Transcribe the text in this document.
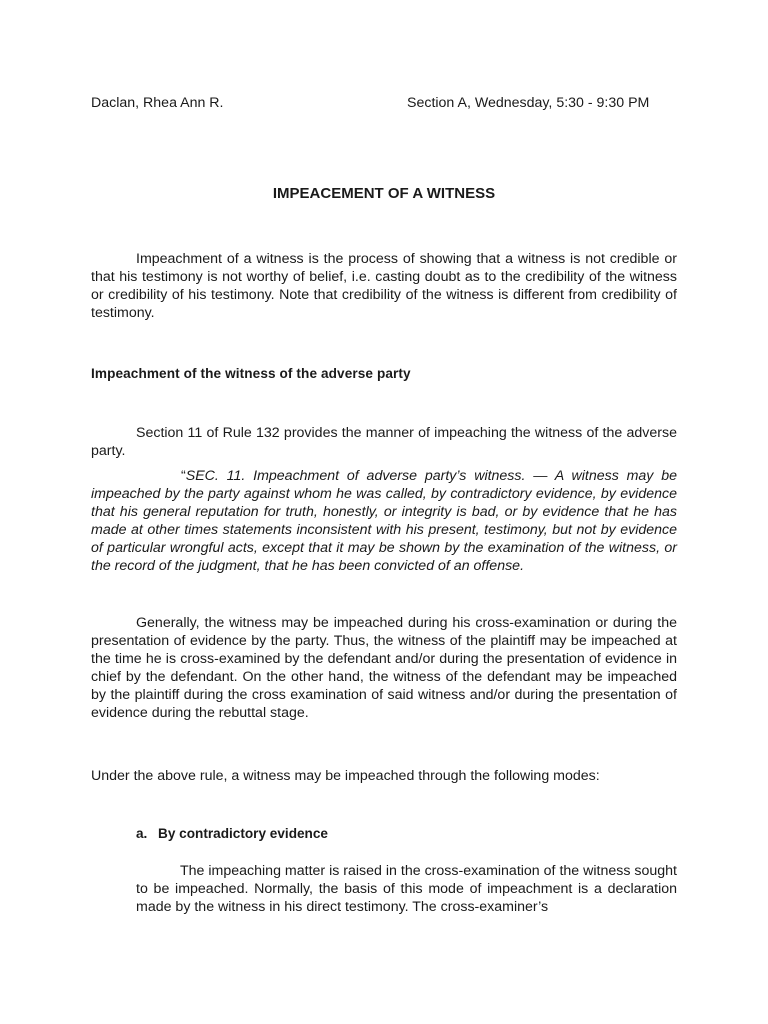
Daclan, Rhea Ann R.	Section A, Wednesday, 5:30 - 9:30 PM
IMPEACEMENT OF A WITNESS

Impeachment of a witness is the process of showing that a witness is not credible or that his testimony is not worthy of belief, i.e. casting doubt as to the credibility of the witness or credibility of his testimony. Note that credibility of the witness is different from credibility of testimony.

Impeachment of the witness of the adverse party

Section 11 of Rule 132 provides the manner of impeaching the witness of the adverse party.

“SEC. 11. Impeachment of adverse party’s witness. — A witness may be impeached by the party against whom he was called, by contradictory evidence, by evidence that his general reputation for truth, honestly, or integrity is bad, or by evidence that he has made at other times statements inconsistent with his present, testimony, but not by evidence of particular wrongful acts, except that it may be shown by the examination of the witness, or the record of the judgment, that he has been convicted of an offense.

Generally, the witness may be impeached during his cross-examination or during the presentation of evidence by the party. Thus, the witness of the plaintiff may be impeached at the time he is cross-examined by the defendant and/or during the presentation of evidence in chief by the defendant. On the other hand, the witness of the defendant may be impeached by the plaintiff during the cross examination of said witness and/or during the presentation of evidence during the rebuttal stage.

Under the above rule, a witness may be impeached through the following modes:

a. By contradictory evidence

The impeaching matter is raised in the cross-examination of the witness sought to be impeached. Normally, the basis of this mode of impeachment is a declaration made by the witness in his direct testimony. The cross-examiner’s
